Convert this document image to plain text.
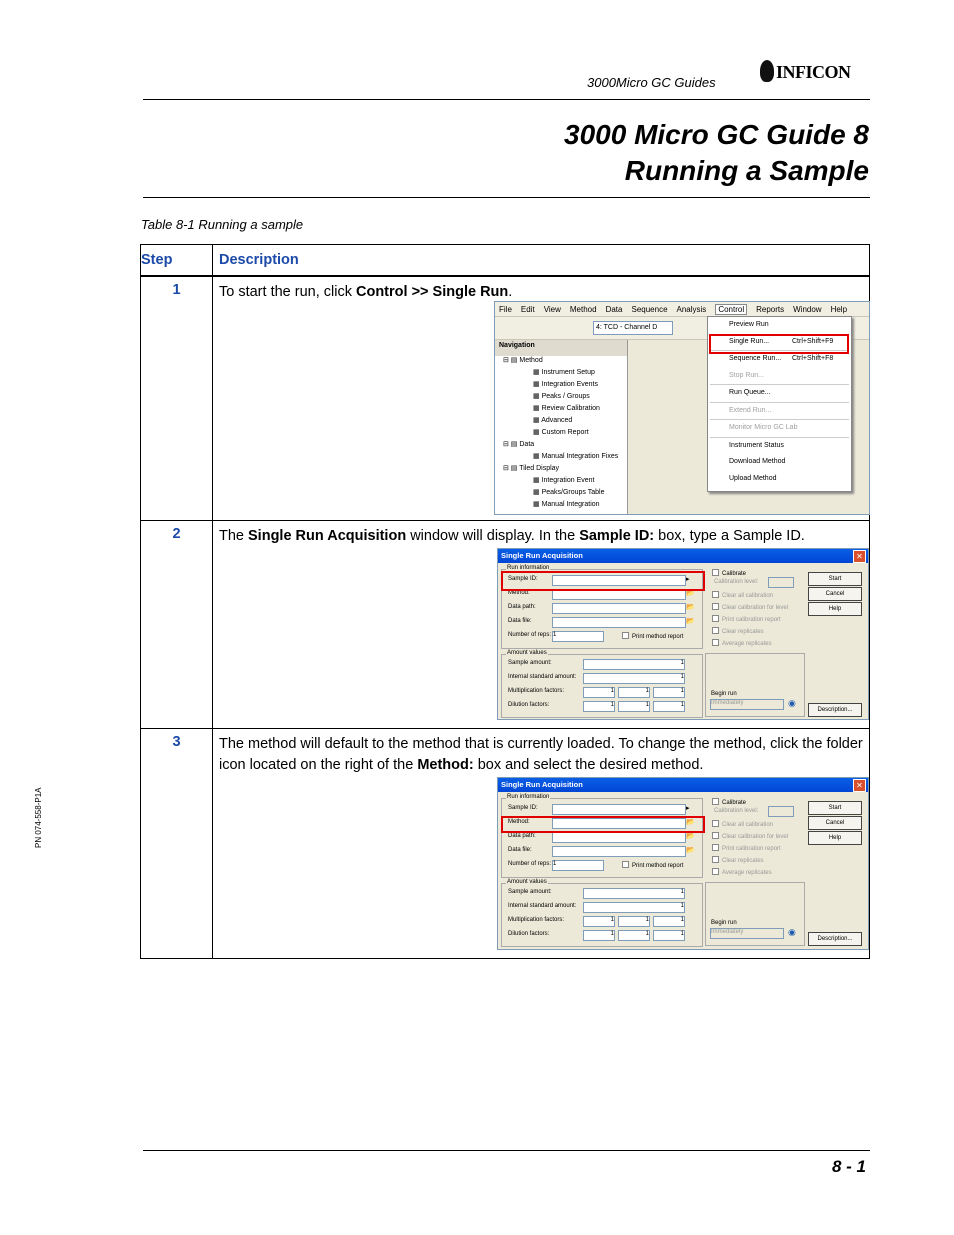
3000Micro GC Guides
INFICON
3000 Micro GC Guide 8
Running a Sample
Table 8-1 Running a sample
Step	Description
1	To start the run, click Control >> Single Run.
2	The Single Run Acquisition window will display. In the Sample ID: box, type a Sample ID.
3	The method will default to the method that is currently loaded. To change the method, click the folder icon located on the right of the Method: box and select the desired method.
File Edit View Method Data Sequence Analysis Control Reports Window Help
4: TCD - Channel D
Navigation
⊟ ▤ Method
▦ Instrument Setup
▦ Integration Events
▦ Peaks / Groups
▦ Review Calibration
▦ Advanced
▦ Custom Report
⊟ ▤ Data
▦ Manual Integration Fixes
⊟ ▤ Tiled Display
▦ Integration Event
▦ Peaks/Groups Table
▦ Manual Integration
Preview Run
Single Run...	Ctrl+Shift+F9
Sequence Run... Ctrl+Shift+F8
Stop Run...
Run Queue...
Extend Run...
Monitor Micro GC Lab
Instrument Status
Download Method
Upload Method
Single Run Acquisition	✕
Run information
Sample ID:	▸
Method:	📂
Data path:	📂
Data file:	📂
Number of reps: 1	Print method report
Calibrate
Calibration level:
Clear all calibration
Clear calibration for level
Print calibration report
Clear replicates
Average replicates
Start
Cancel
Help
Amount values
Sample amount:	1
Internal standard amount:	1
Multiplication factors:	1	1	1
Dilution factors:	1	1	1
Begin run
Immediately	◉
Description...
Single Run Acquisition	✕
Run information
Sample ID:	▸
Method:	📂
Data path:	📂
Data file:	📂
Number of reps: 1	Print method report
Calibrate
Calibration level:
Clear all calibration
Clear calibration for level
Print calibration report
Clear replicates
Average replicates
Start
Cancel
Help
Amount values
Sample amount:	1
Internal standard amount:	1
Multiplication factors:	1	1	1
Dilution factors:	1	1	1
Begin run
Immediately	◉
Description...
8 - 1
PN 074-558-P1A
